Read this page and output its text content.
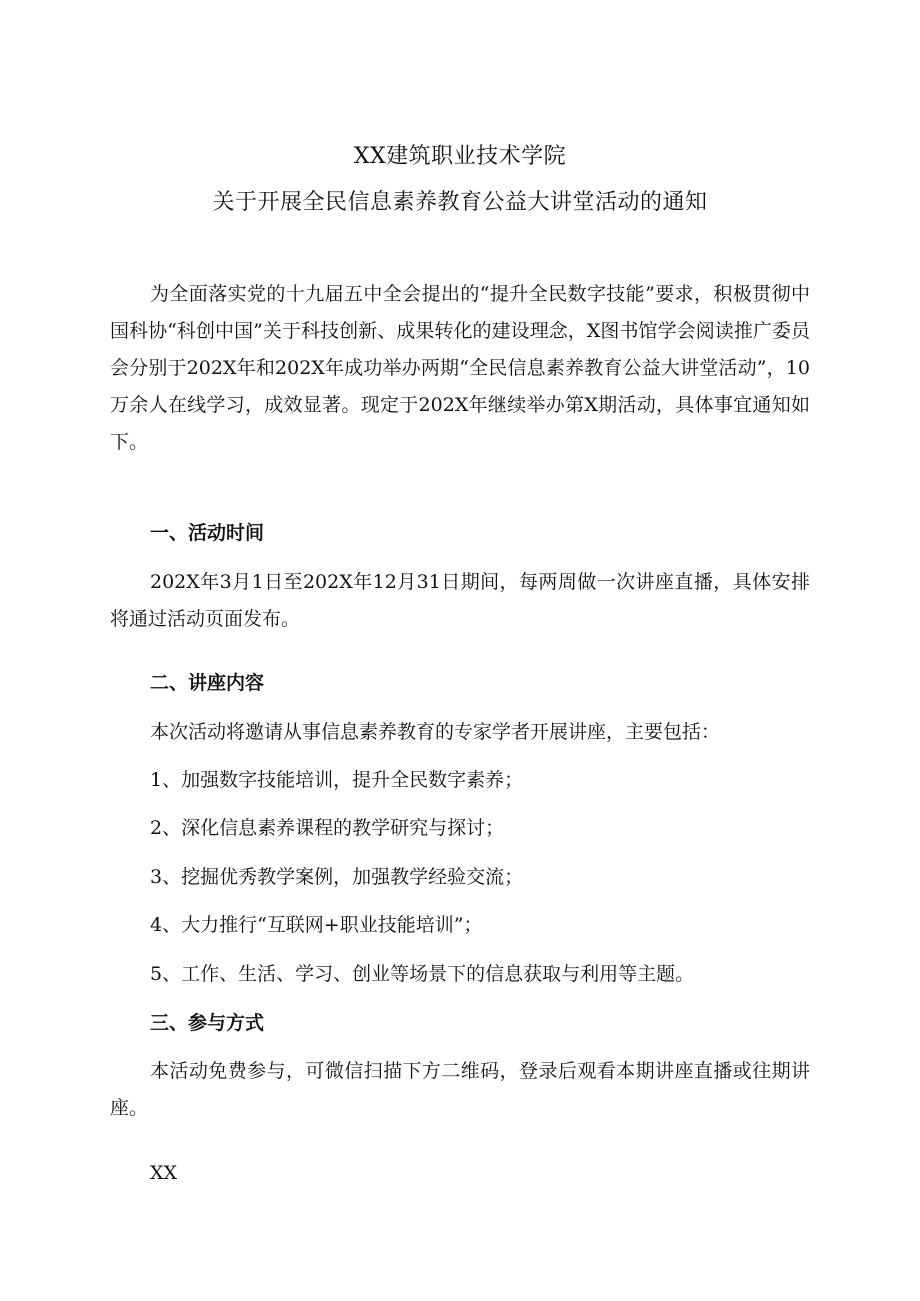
XX建筑职业技术学院
关于开展全民信息素养教育公益大讲堂活动的通知
为全面落实党的十九届五中全会提出的“提升全民数字技能”要求，积极贯彻中国科协“科创中国”关于科技创新、成果转化的建设理念，X图书馆学会阅读推广委员会分别于202X年和202X年成功举办两期“全民信息素养教育公益大讲堂活动”，10万余人在线学习，成效显著。现定于202X年继续举办第X期活动，具体事宜通知如下。
一、活动时间
202X年3月1日至202X年12月31日期间，每两周做一次讲座直播，具体安排将通过活动页面发布。
二、讲座内容
本次活动将邀请从事信息素养教育的专家学者开展讲座，主要包括：
1、加强数字技能培训，提升全民数字素养；
2、深化信息素养课程的教学研究与探讨；
3、挖掘优秀教学案例，加强教学经验交流；
4、大力推行“互联网+职业技能培训”；
5、工作、生活、学习、创业等场景下的信息获取与利用等主题。
三、参与方式
本活动免费参与，可微信扫描下方二维码，登录后观看本期讲座直播或往期讲座。
XX
